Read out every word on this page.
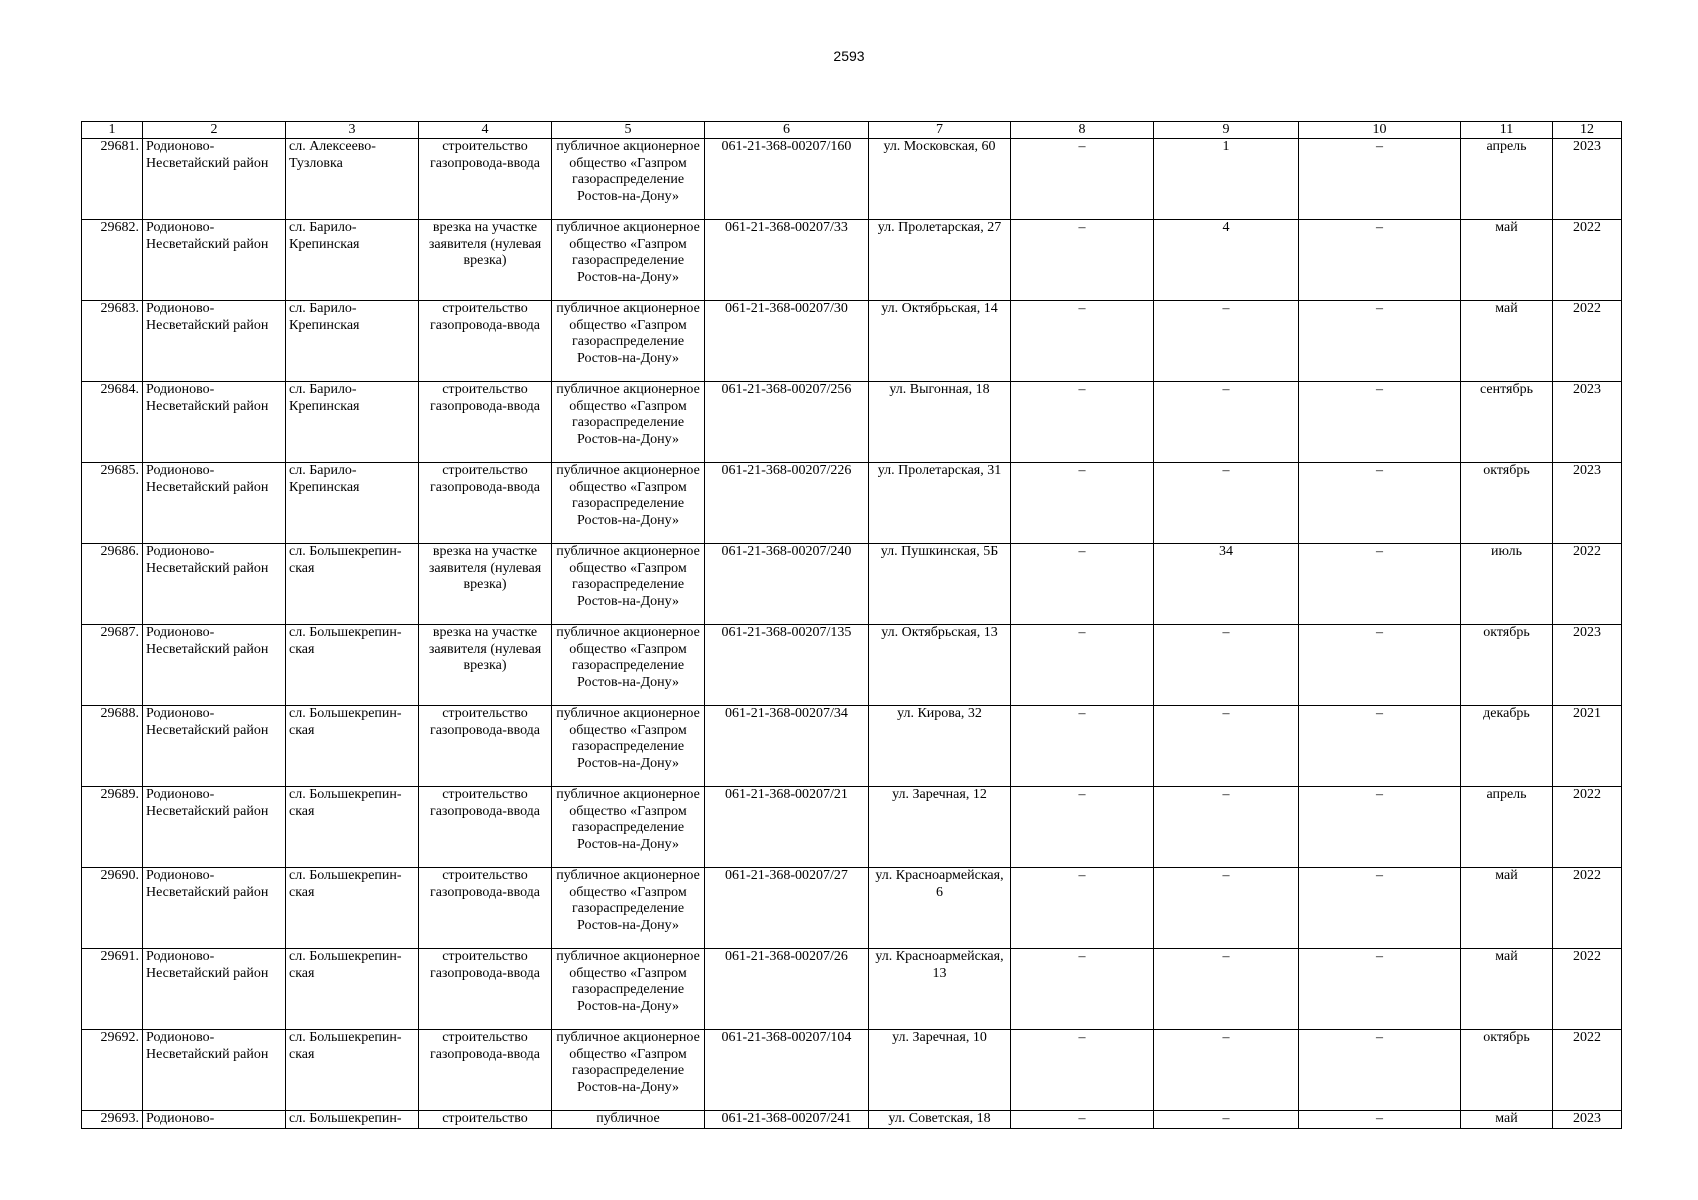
2593
1	2	3	4	5	6	7	8	9	10	11	12
29681.	Родионово-Несветайский район	сл. Алексеево-Тузловка	строительство газопровода-ввода	публичное акционерное общество «Газпром газораспределение Ростов-на-Дону»	061-21-368-00207/160	ул. Московская, 60	–	1	–	апрель	2023
29682.	Родионово-Несветайский район	сл. Барило-Крепинская	врезка на участке заявителя (нулевая врезка)	публичное акционерное общество «Газпром газораспределение Ростов-на-Дону»	061-21-368-00207/33	ул. Пролетарская, 27	–	4	–	май	2022
29683.	Родионово-Несветайский район	сл. Барило-Крепинская	строительство газопровода-ввода	публичное акционерное общество «Газпром газораспределение Ростов-на-Дону»	061-21-368-00207/30	ул. Октябрьская, 14	–	–	–	май	2022
29684.	Родионово-Несветайский район	сл. Барило-Крепинская	строительство газопровода-ввода	публичное акционерное общество «Газпром газораспределение Ростов-на-Дону»	061-21-368-00207/256	ул. Выгонная, 18	–	–	–	сентябрь	2023
29685.	Родионово-Несветайский район	сл. Барило-Крепинская	строительство газопровода-ввода	публичное акционерное общество «Газпром газораспределение Ростов-на-Дону»	061-21-368-00207/226	ул. Пролетарская, 31	–	–	–	октябрь	2023
29686.	Родионово-Несветайский район	сл. Большекрепин-ская	врезка на участке заявителя (нулевая врезка)	публичное акционерное общество «Газпром газораспределение Ростов-на-Дону»	061-21-368-00207/240	ул. Пушкинская, 5Б	–	34	–	июль	2022
29687.	Родионово-Несветайский район	сл. Большекрепин-ская	врезка на участке заявителя (нулевая врезка)	публичное акционерное общество «Газпром газораспределение Ростов-на-Дону»	061-21-368-00207/135	ул. Октябрьская, 13	–	–	–	октябрь	2023
29688.	Родионово-Несветайский район	сл. Большекрепин-ская	строительство газопровода-ввода	публичное акционерное общество «Газпром газораспределение Ростов-на-Дону»	061-21-368-00207/34	ул. Кирова, 32	–	–	–	декабрь	2021
29689.	Родионово-Несветайский район	сл. Большекрепин-ская	строительство газопровода-ввода	публичное акционерное общество «Газпром газораспределение Ростов-на-Дону»	061-21-368-00207/21	ул. Заречная, 12	–	–	–	апрель	2022
29690.	Родионово-Несветайский район	сл. Большекрепин-ская	строительство газопровода-ввода	публичное акционерное общество «Газпром газораспределение Ростов-на-Дону»	061-21-368-00207/27	ул. Красноармейская, 6	–	–	–	май	2022
29691.	Родионово-Несветайский район	сл. Большекрепин-ская	строительство газопровода-ввода	публичное акционерное общество «Газпром газораспределение Ростов-на-Дону»	061-21-368-00207/26	ул. Красноармейская, 13	–	–	–	май	2022
29692.	Родионово-Несветайский район	сл. Большекрепин-ская	строительство газопровода-ввода	публичное акционерное общество «Газпром газораспределение Ростов-на-Дону»	061-21-368-00207/104	ул. Заречная, 10	–	–	–	октябрь	2022
29693.	Родионово-	сл. Большекрепин-	строительство	публичное	061-21-368-00207/241	ул. Советская, 18	–	–	–	май	2023
